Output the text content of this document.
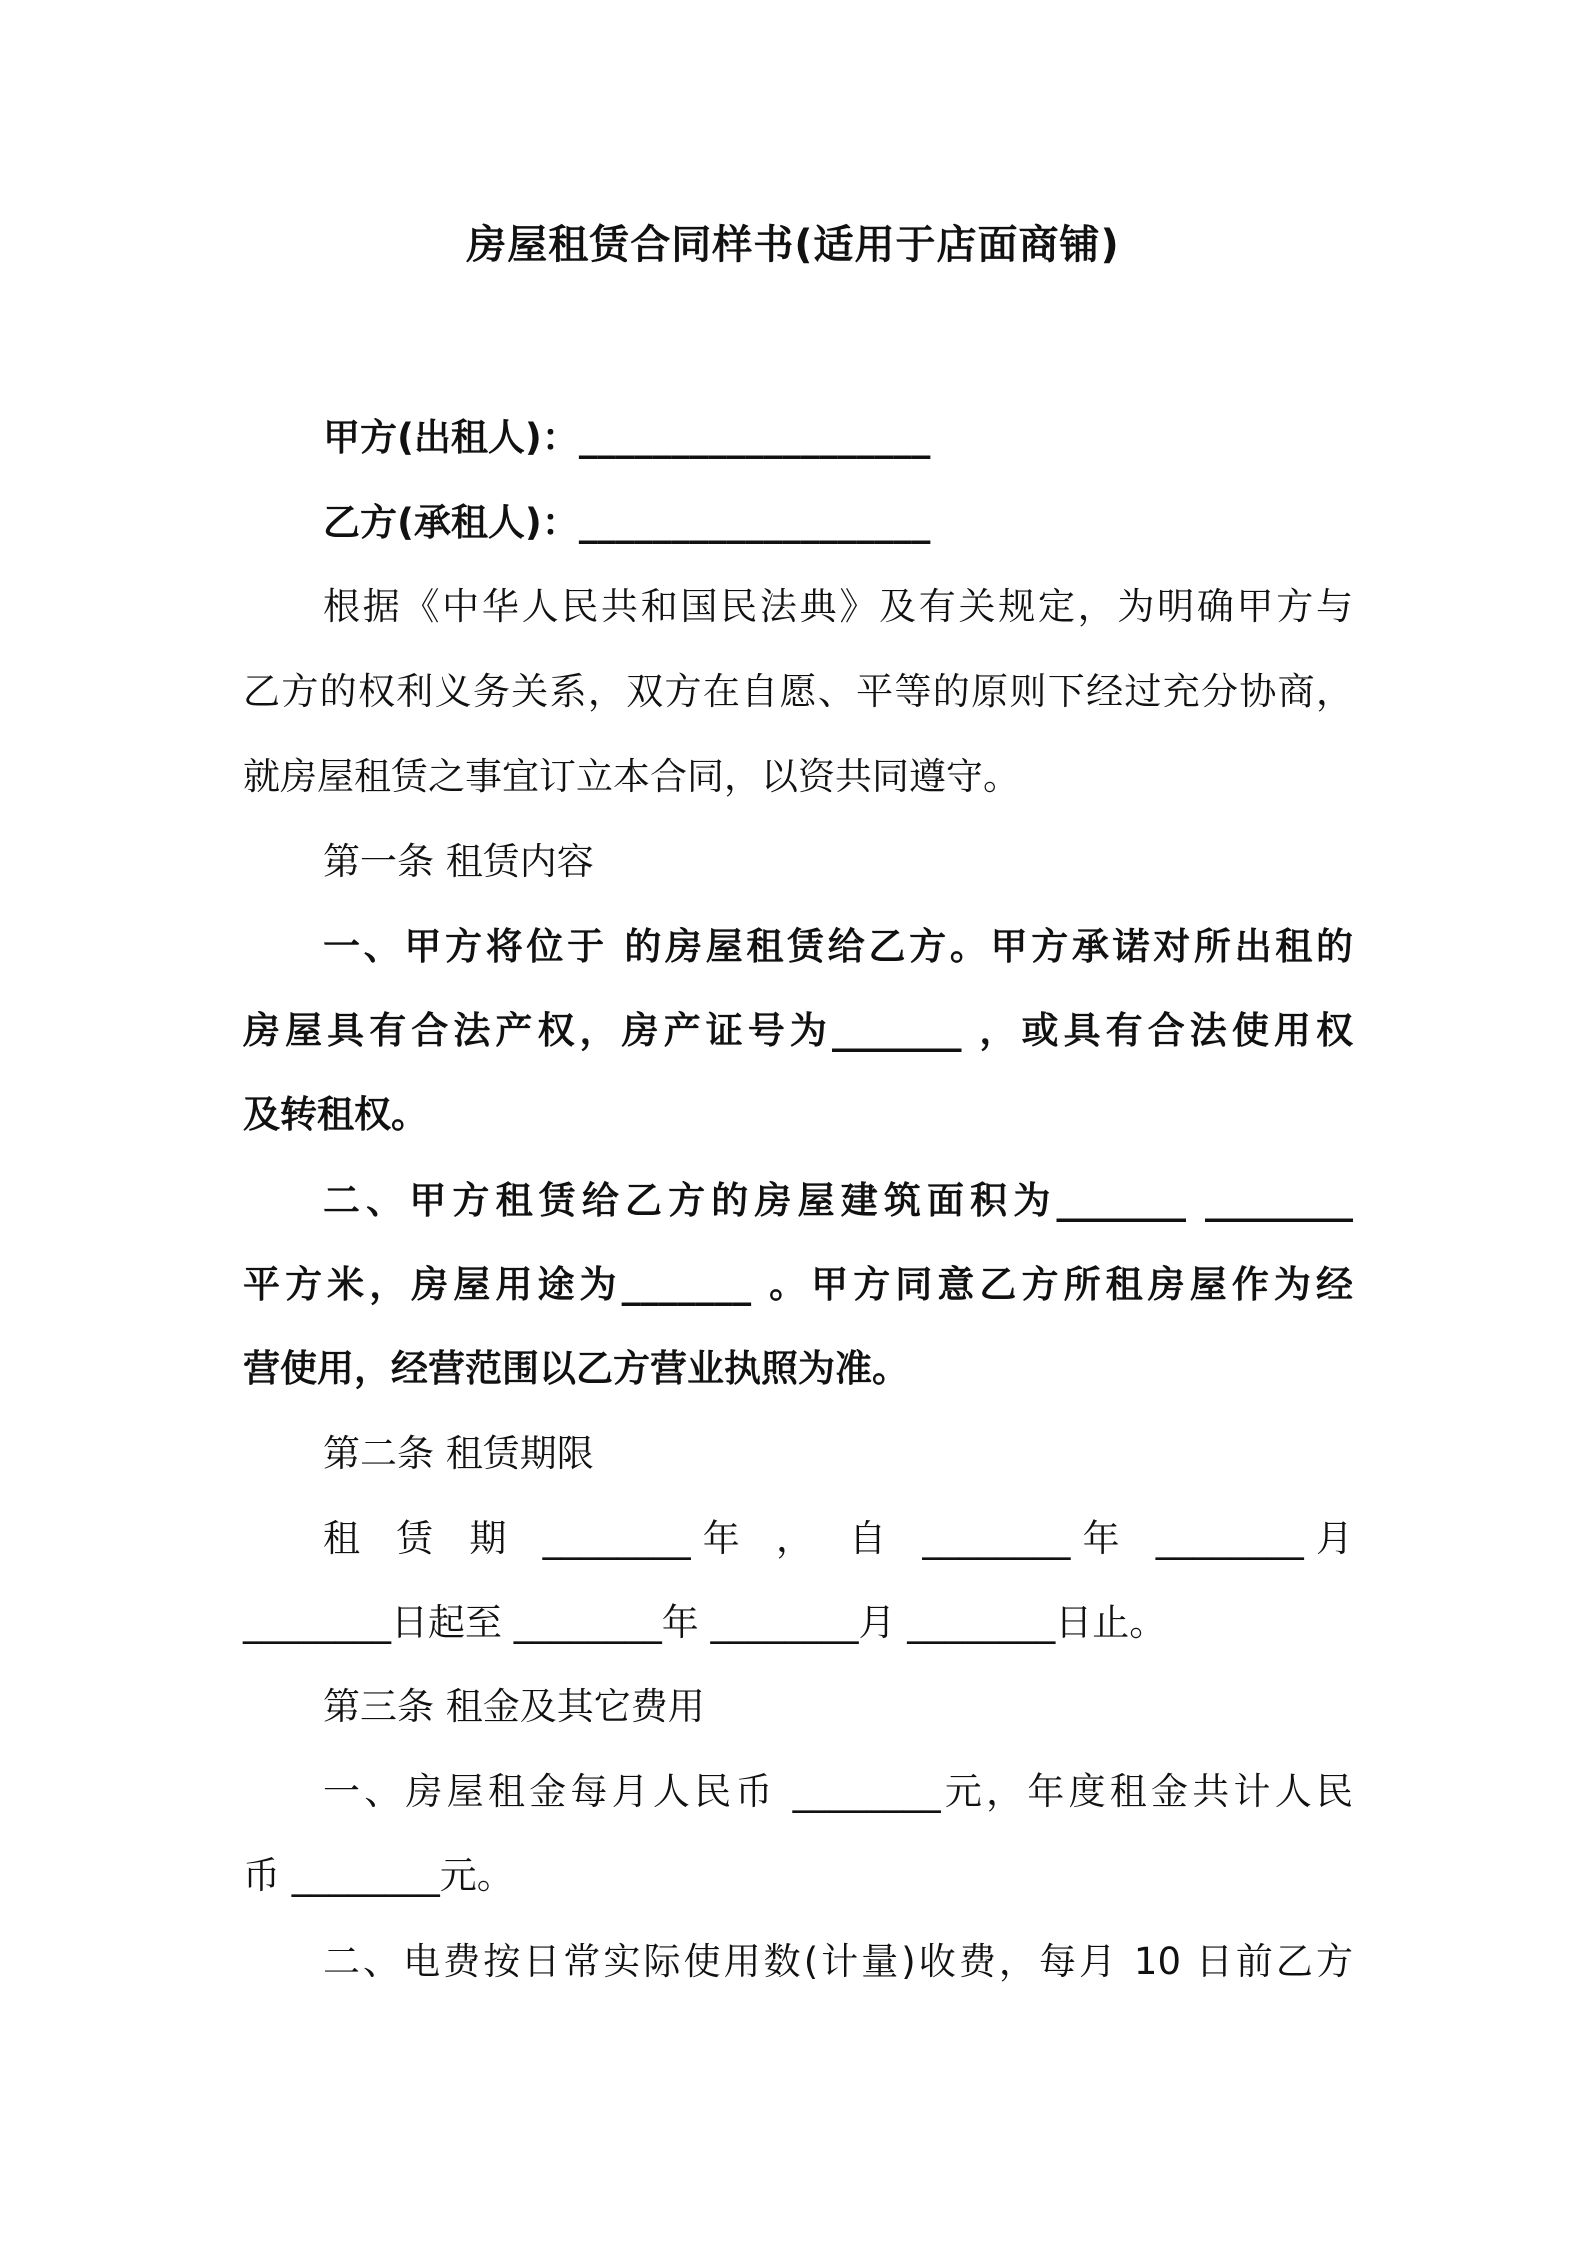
房屋租赁合同样书(适用于店面商铺)
甲方(出租人)：___________________
乙方(承租人)：___________________
根据《中华人民共和国民法典》及有关规定，为明确甲方与
乙方的权利义务关系，双方在自愿、平等的原则下经过充分协商，
就房屋租赁之事宜订立本合同，以资共同遵守。
第一条 租赁内容
一、甲方将位于 的房屋租赁给乙方。甲方承诺对所出租的
房屋具有合法产权，房产证号为_______ ，或具有合法使用权
及转租权。
二、甲方租赁给乙方的房屋建筑面积为_______ ________
平方米，房屋用途为_______ 。甲方同意乙方所租房屋作为经
营使用，经营范围以乙方营业执照为准。
第二条 租赁期限
租 赁 期 ________年 ， 自 ________年 ________月
________日起至 ________年 ________月 ________日止。
第三条 租金及其它费用
一、房屋租金每月人民币 ________元，年度租金共计人民
币 ________元。
二、电费按日常实际使用数(计量)收费，每月 10 日前乙方
